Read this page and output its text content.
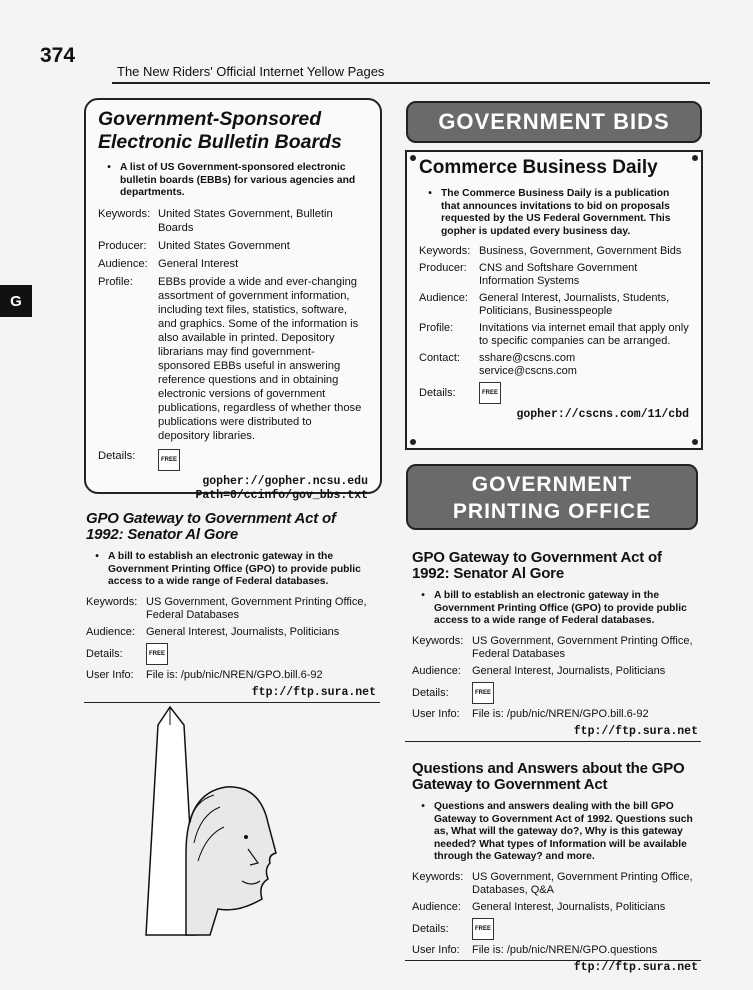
374
The New Riders' Official Internet Yellow Pages
G
Government-Sponsored
Electronic Bulletin Boards
• A list of US Government-sponsored electronic bulletin boards (EBBs) for various agencies and departments.
Keywords: United States Government, Bulletin Boards
Producer:	United States Government
Audience: General Interest
Profile:	EBBs provide a wide and ever-changing assortment of government information, including text files, statistics, software, and graphics. Some of the information is also available in printed. Depository librarians may find government-sponsored EBBs useful in answering reference questions and in obtaining electronic versions of government publications, regardless of whether those publications were distributed to depository libraries.
Details:	FREE
gopher://gopher.ncsu.edu
Path=0/ccinfo/gov_bbs.txt
GPO Gateway to Government Act of 1992: Senator Al Gore
• A bill to establish an electronic gateway in the Government Printing Office (GPO) to provide public access to a wide range of Federal databases.
Keywords: US Government, Government Printing Office, Federal Databases
Audience:	General Interest, Journalists, Politicians
Details:	FREE
User Info:	File is: /pub/nic/NREN/GPO.bill.6-92
ftp://ftp.sura.net
GOVERNMENT BIDS
Commerce Business Daily
• The Commerce Business Daily is a publication that announces invitations to bid on proposals requested by the US Federal Government. This gopher is updated every business day.
Keywords: Business, Government, Government Bids
Producer:	CNS and Softshare Government Information Systems
Audience:	General Interest, Journalists, Students, Politicians, Businesspeople
Profile:	Invitations via internet email that apply only to specific companies can be arranged.
Contact:	sshare@cscns.com
service@cscns.com
Details:	FREE
gopher://cscns.com/11/cbd
GOVERNMENT
PRINTING OFFICE
GPO Gateway to Government Act of 1992: Senator Al Gore
• A bill to establish an electronic gateway in the Government Printing Office (GPO) to provide public access to a wide range of Federal databases.
Keywords: US Government, Government Printing Office, Federal Databases
Audience:	General Interest, Journalists, Politicians
Details:	FREE
User Info:	File is: /pub/nic/NREN/GPO.bill.6-92
ftp://ftp.sura.net
Questions and Answers about the GPO Gateway to Government Act
• Questions and answers dealing with the bill GPO Gateway to Government Act of 1992. Questions such as, What will the gateway do?, Why is this gateway needed? What types of Information will be available through the Gateway? and more.
Keywords: US Government, Government Printing Office, Databases, Q&A
Audience:	General Interest, Journalists, Politicians
Details:	FREE
User Info:	File is: /pub/nic/NREN/GPO.questions
ftp://ftp.sura.net
